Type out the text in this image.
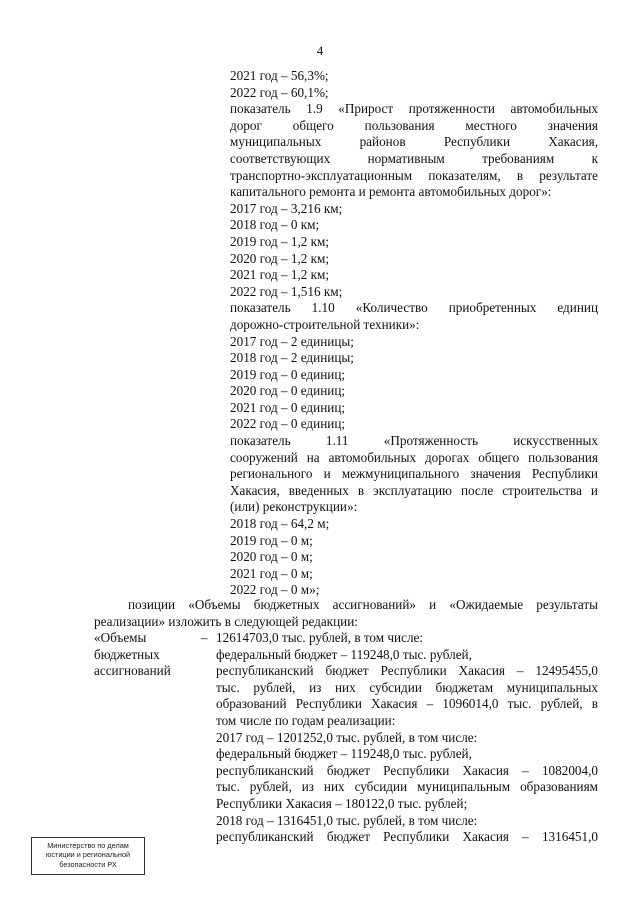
4
2021 год – 56,3%;
2022 год – 60,1%;
показатель 1.9 «Прирост протяженности автомобильных
дорог общего пользования местного значения
муниципальных районов Республики Хакасия,
соответствующих нормативным требованиям к
транспортно-эксплуатационным показателям, в результате
капитального ремонта и ремонта автомобильных дорог»:
2017 год – 3,216 км;
2018 год – 0 км;
2019 год – 1,2 км;
2020 год – 1,2 км;
2021 год – 1,2 км;
2022 год – 1,516 км;
показатель 1.10 «Количество приобретенных единиц
дорожно-строительной техники»:
2017 год – 2 единицы;
2018 год – 2 единицы;
2019 год – 0 единиц;
2020 год – 0 единиц;
2021 год – 0 единиц;
2022 год – 0 единиц;
показатель 1.11 «Протяженность искусственных
сооружений на автомобильных дорогах общего пользования
регионального и межмуниципального значения Республики
Хакасия, введенных в эксплуатацию после строительства и
(или) реконструкции»:
2018 год – 64,2 м;
2019 год – 0 м;
2020 год – 0 м;
2021 год – 0 м;
2022 год – 0 м»;
позиции «Объемы бюджетных ассигнований» и «Ожидаемые результаты
реализации» изложить в следующей редакции:
«Объемы
бюджетных
ассигнований
– 12614703,0 тыс. рублей, в том числе:
федеральный бюджет – 119248,0 тыс. рублей,
республиканский бюджет Республики Хакасия – 12495455,0
тыс. рублей, из них субсидии бюджетам муниципальных
образований Республики Хакасия – 1096014,0 тыс. рублей, в
том числе по годам реализации:
2017 год – 1201252,0 тыс. рублей, в том числе:
федеральный бюджет – 119248,0 тыс. рублей,
республиканский бюджет Республики Хакасия – 1082004,0
тыс. рублей, из них субсидии муниципальным образованиям
Республики Хакасия – 180122,0 тыс. рублей;
2018 год – 1316451,0 тыс. рублей, в том числе:
республиканский бюджет Республики Хакасия – 1316451,0
Министерство по делам
юстиции и региональной
безопасности РХ
